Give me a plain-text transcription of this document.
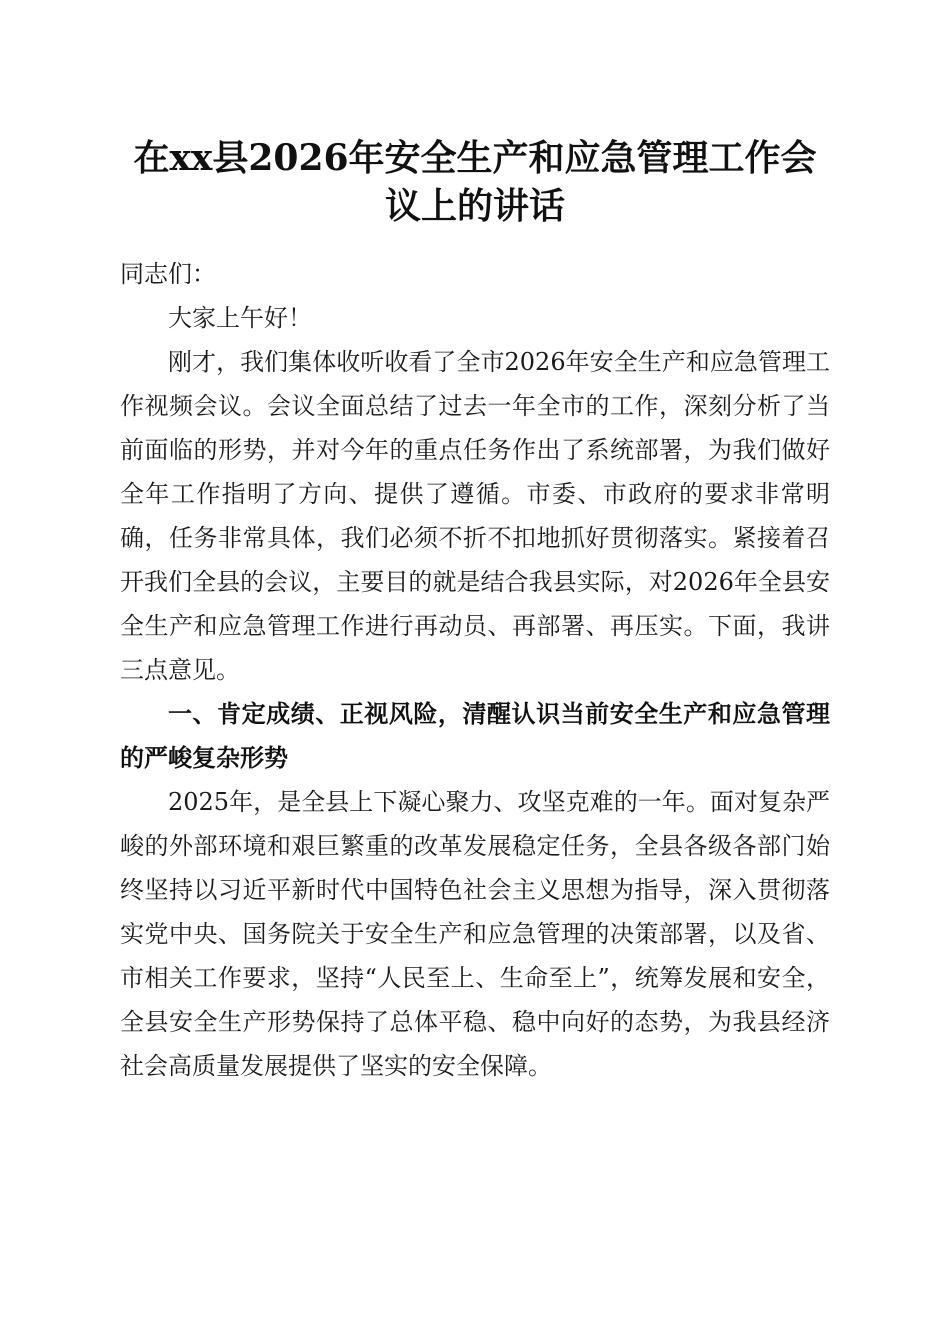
在xx县2026年安全生产和应急管理工作会议上的讲话

同志们：

大家上午好！

刚才，我们集体收听收看了全市2026年安全生产和应急管理工作视频会议。会议全面总结了过去一年全市的工作，深刻分析了当前面临的形势，并对今年的重点任务作出了系统部署，为我们做好全年工作指明了方向、提供了遵循。市委、市政府的要求非常明确，任务非常具体，我们必须不折不扣地抓好贯彻落实。紧接着召开我们全县的会议，主要目的就是结合我县实际，对2026年全县安全生产和应急管理工作进行再动员、再部署、再压实。下面，我讲三点意见。

一、肯定成绩、正视风险，清醒认识当前安全生产和应急管理的严峻复杂形势

2025年，是全县上下凝心聚力、攻坚克难的一年。面对复杂严峻的外部环境和艰巨繁重的改革发展稳定任务，全县各级各部门始终坚持以习近平新时代中国特色社会主义思想为指导，深入贯彻落实党中央、国务院关于安全生产和应急管理的决策部署，以及省、市相关工作要求，坚持“人民至上、生命至上”，统筹发展和安全，全县安全生产形势保持了总体平稳、稳中向好的态势，为我县经济社会高质量发展提供了坚实的安全保障。
